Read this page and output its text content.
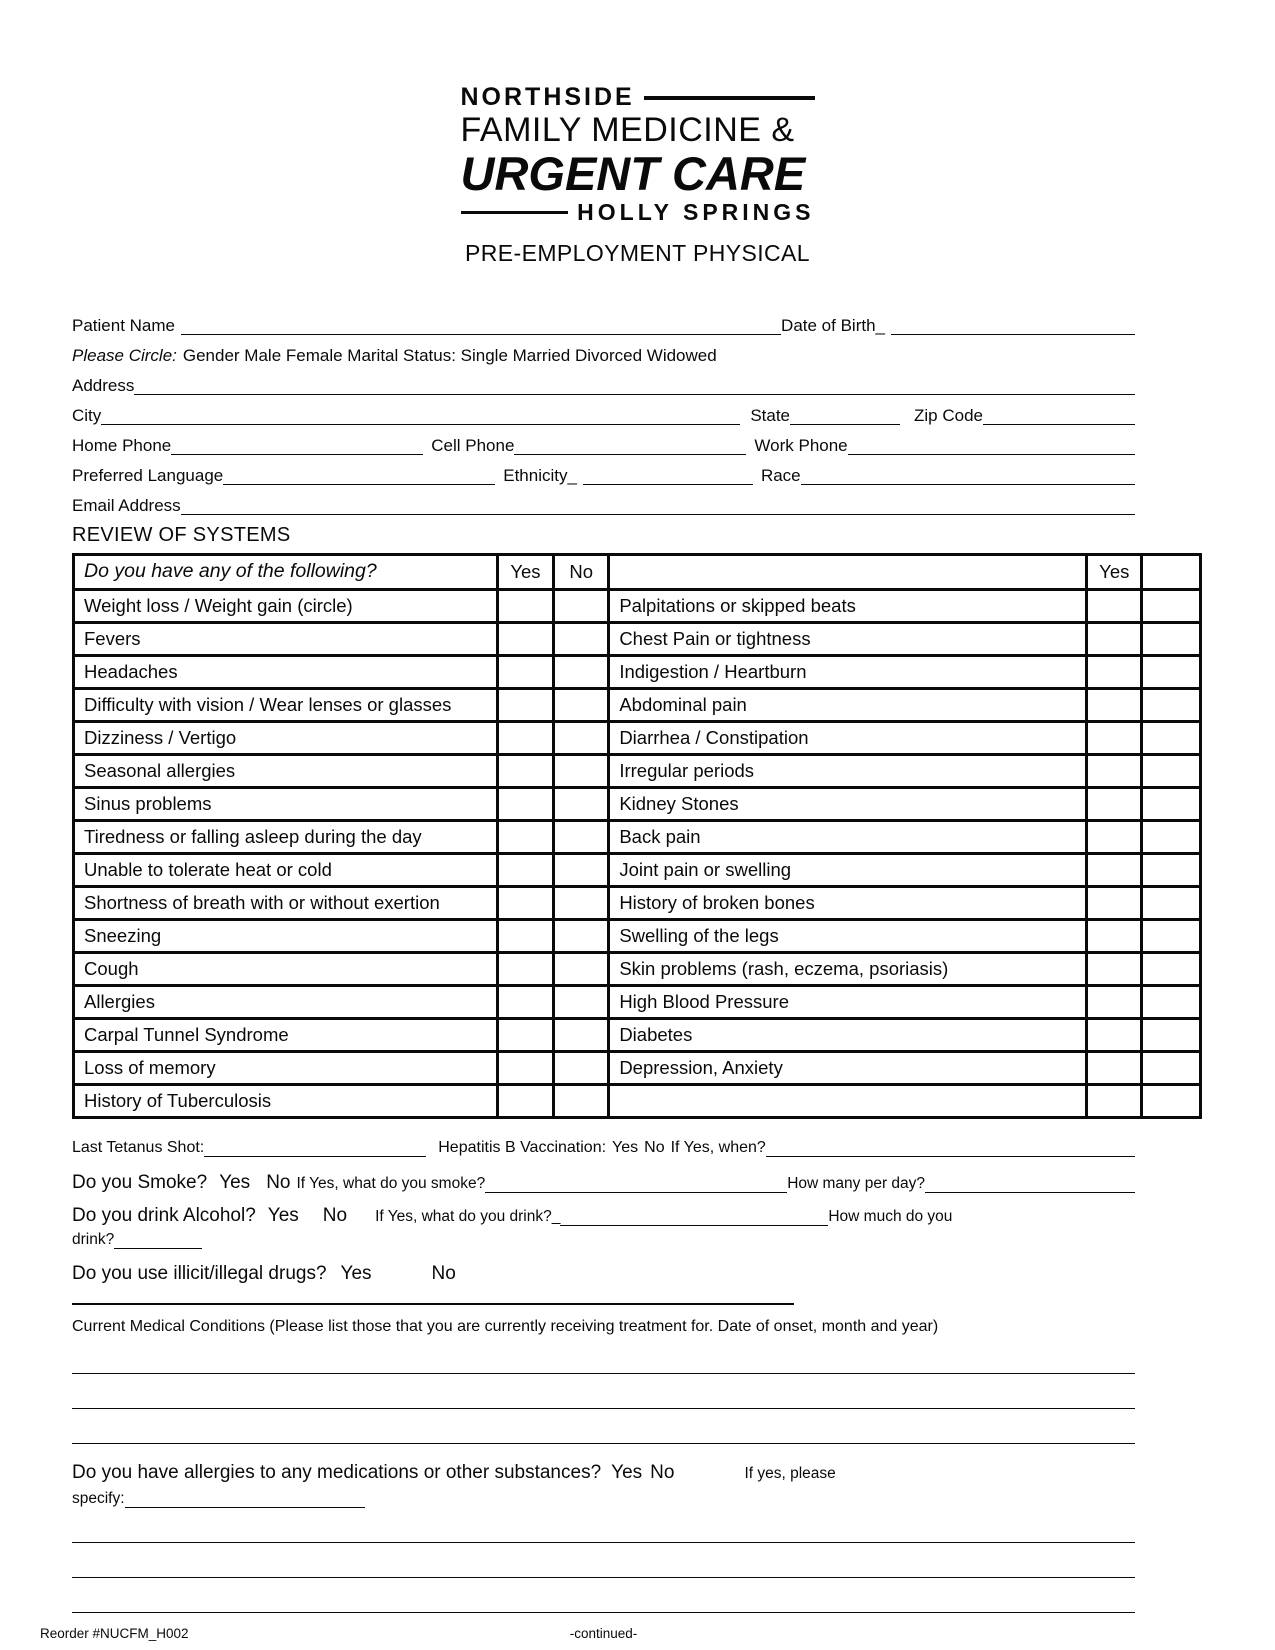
NORTHSIDE
FAMILY MEDICINE &
URGENT CARE
HOLLY SPRINGS
PRE-EMPLOYMENT PHYSICAL
Patient Name	Date of Birth_
Please Circle: Gender Male Female Marital Status: Single Married Divorced Widowed
Address
City	State	Zip Code
Home Phone	Cell Phone	Work Phone
Preferred Language	Ethnicity_	Race
Email Address
REVIEW OF SYSTEMS
Do you have any of the following?	Yes	No		Yes	
Weight loss / Weight gain (circle)			Palpitations or skipped beats		
Fevers			Chest Pain or tightness		
Headaches			Indigestion / Heartburn		
Difficulty with vision / Wear lenses or glasses			Abdominal pain		
Dizziness / Vertigo			Diarrhea / Constipation		
Seasonal allergies			Irregular periods		
Sinus problems			Kidney Stones		
Tiredness or falling asleep during the day			Back pain		
Unable to tolerate heat or cold			Joint pain or swelling		
Shortness of breath with or without exertion			History of broken bones		
Sneezing			Swelling of the legs		
Cough			Skin problems (rash, eczema, psoriasis)		
Allergies			High Blood Pressure		
Carpal Tunnel Syndrome			Diabetes		
Loss of memory			Depression, Anxiety		
History of Tuberculosis					
Last Tetanus Shot:	Hepatitis B Vaccination: Yes No If Yes, when?
Do you Smoke? Yes No If Yes, what do you smoke?	How many per day?
Do you drink Alcohol? Yes No If Yes, what do you drink?_	How much do you
drink?
Do you use illicit/illegal drugs? Yes	No
Current Medical Conditions (Please list those that you are currently receiving treatment for. Date of onset, month and year)
Do you have allergies to any medications or other substances? Yes No	If yes, please
specify:
-continued-
Reorder #NUCFM_H002
